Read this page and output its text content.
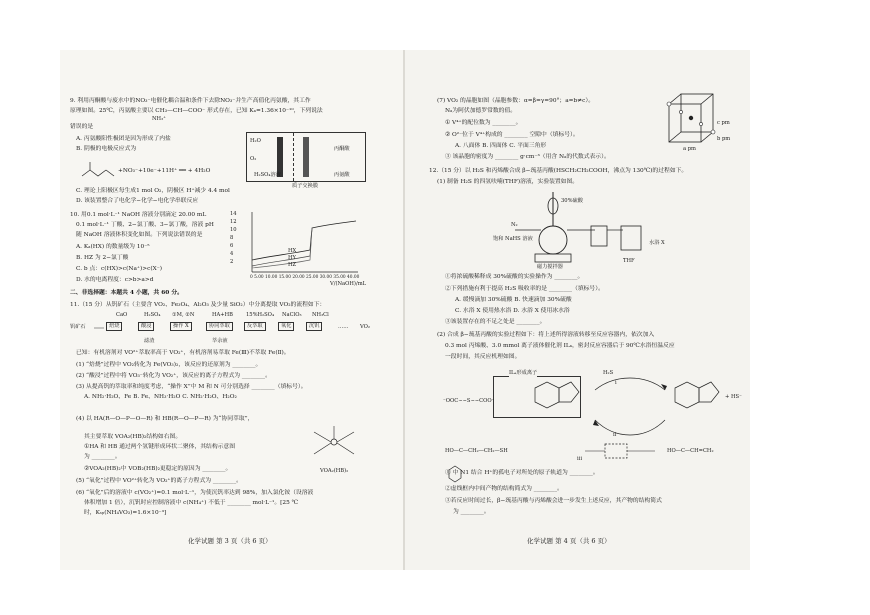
9. 利用丙酮酸与废水中的NO₃⁻电催化耦合温和条件下去除NO₃⁻并生产高值化丙氨酸，其工作
原理如图。25℃，丙氨酸主要以 CH₃—CH—COO⁻ 形式存在，已知 Kₐ=1.36×10⁻¹⁰，下列说法
NH₃⁺
错误的是
A. 丙氨酸阳性极团是因为形成了内盐
B. 阴极的电极反应式为
+NO₃⁻+10e⁻+11H⁺ ══ + 4H₂O
C. 理论上阳极区每生成1 mol O₂，阴极区 H⁺减少 4.4 mol
D. 该装置整合了电化学−化学−电化学串联反应
H₂O
O₂
H₂SO₄溶液
丙酮酸
丙氨酸
质子交换膜
10. 用0.1 mol·L⁻¹ NaOH 溶液分别滴定 20.00 mL
0.1 mol·L⁻¹ 丁酸、2−氯丁酸、3−氯丁酸，溶液 pH
随 NaOH 溶液体积变化如图。下列说法错误的是
A. Kₐ(HX) 的数量级为 10⁻⁵
B. HZ 为 2−氯丁酸
C. b 点：c(HX)>c(Na⁺)>c(X⁻)
D. 水的电离程度：c>b>a>d
14
12
10
8
6
4
2
HX
HY
HZ
0 5.00 10.00 15.00 20.00 25.00 30.00 35.00 40.00
V/(NaOH)/mL
二、非选择题：本题共 4 小题，共 60 分。
11.（15 分）从钒矿石（主要含 VO₂、Fe₃O₄、Al₂O₃ 及少量 SiO₂）中分离提取 VO₂的流程如下：
CaO	H₂SO₄ ①M, ②N	HA+HB	15%H₂SO₄ NaClO₃ NH₃Cl
钒矿石	焙烧	酸浸	操作 X	协同萃取	反萃取	氧化	沉钒	…… VO₂
滤渣	萃余液
已知：有机溶剂对 VO²⁺萃取率高于 VO₂⁺，有机溶剂易萃取 Fe(Ⅲ)不萃取 Fe(Ⅱ)。
(1) “焙烧”过程中 VO₂转化为 Fe(VO₃)₂，该反应的还原剂为 ________。
(2) “酸浸”过程中将 VO₃⁻转化为 VO₂⁺，该反应的离子方程式为 ________。
(3) 从提高钒的萃取率和纯度考虑，“操作 X”中 M 和 N 可分别选择 ________（填标号）。
A. NH₂·H₂O、Fe B. Fe、NH₃·H₂O C. NH₂·H₂O、H₂O₂
(4) 以 HA(R—O—P—O—R) 和 HB(R—O—P—R) 为“协同萃取”，
其主要萃取 VOA₂(HB)₂结构如右图。
①HA 和 HB 通过两个氢键形成环状二聚体，其结构示意图
为 ________。
②VOA₂(HB)₂中 VOB₂(HB)₂更稳定的原因为 ________。	VOA₂(HB)₂
(5) “氧化”过程中 VO²⁺转化为 VO₂⁺的离子方程式为 ________。
(6) “氧化”后的溶液中 c(VO₂⁺)=0.1 mol·L⁻¹，为使沉钒率达到 98%，加入氯化铵（设溶液
体积增加 1 倍），沉钒时应控制溶液中 c(NH₄⁺) 不低于 ________ mol·L⁻¹。[25 ℃
时，Kₛₚ(NH₄VO₃)=1.6×10⁻³]
化学试题 第 3 页（共 6 页）
(7) VO₂ 的晶胞如图（晶胞参数：α=β=γ=90°；a=b≠c）。
Nₐ为阿伏加德罗常数的值。
① V⁴⁺的配位数为 ________。
② O²⁻位于 V⁴⁺构成的 ________ 空隙中（填标号）。
A. 八面体 B. 四面体 C. 平面三角形
③ 该晶胞的密度为 ________ g·cm⁻³（用含 Nₐ的代数式表示）。
c pm
b pm
a pm
12.（15 分）以 H₂S 和丙烯酸合成 β−巯基丙酸(HSCH₂CH₂COOH，沸点为 130℃)的过程如下。
(1) 制备 H₂S 的四氢呋喃(THF)溶液，实验装置如图。
30%硫酸
N₂
饱和 NaHS 溶液
水浴 X
THF
磁力搅拌器
①将浓硫酸稀释成 30%硫酸的实验操作为 ________。
②下列措施有利于提高 H₂S 吸收率的是 ________（填标号）。
A. 缓慢滴加 30%硫酸 B. 快速滴加 30%硫酸
C. 水浴 X 使用热水浴 D. 水浴 X 使用冰水浴
③该装置存在的不足之处是 ________。
(2) 合成 β−巯基丙酸的实验过程如下：将上述所得溶液转移至反应容器内，依次加入
0.3 mol 丙烯酸、3.0 mmol 离子液体催化剂 ILₐ，密封反应容器后于 90℃水浴恒温反应
一段时间，其反应机理如图。
ILₐ形成离子
⁻OOC∼∼S∼∼COO⁻
H₂S
i
+ HS⁻
ii
iii
HO—C—CH₂—CH₂—SH	HO—C—CH=CH₂
① 中 N1 结合 H⁺的孤电子对所处的原子轨道为 ________。
②虚线框内中间产物的结构简式为 ________。
③若反应时间过长，β−巯基丙酸与丙烯酸会进一步发生上述反应，其产物的结构简式
为 ________。
化学试题 第 4 页（共 6 页）
